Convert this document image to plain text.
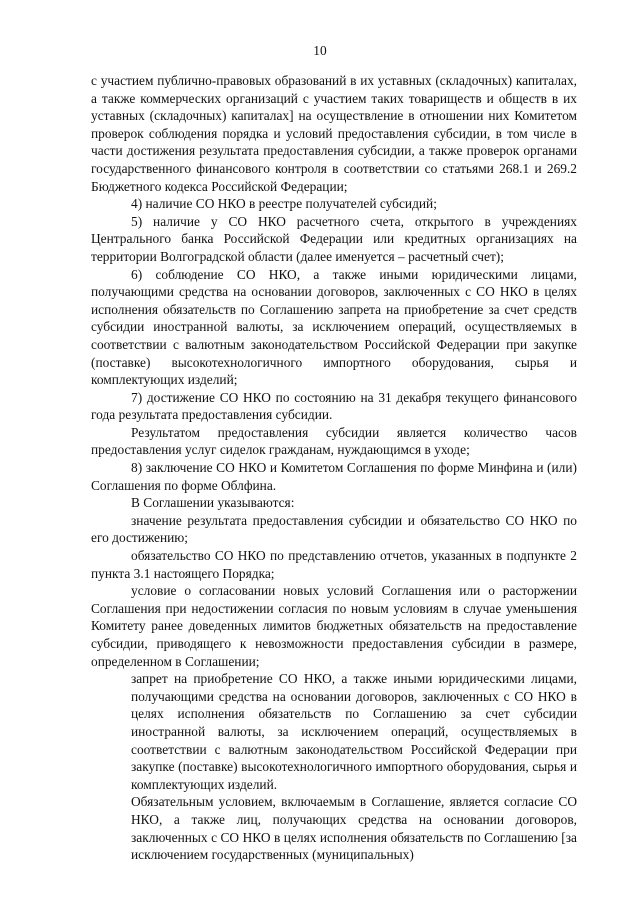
10

с участием публично-правовых образований в их уставных (складочных) капиталах, а также коммерческих организаций с участием таких товариществ и обществ в их уставных (складочных) капиталах] на осуществление в отношении них Комитетом проверок соблюдения порядка и условий предоставления субсидии, в том числе в части достижения результата предоставления субсидии, а также проверок органами государственного финансового контроля в соответствии со статьями 268.1 и 269.2 Бюджетного кодекса Российской Федерации;

4) наличие СО НКО в реестре получателей субсидий;

5) наличие у СО НКО расчетного счета, открытого в учреждениях Центрального банка Российской Федерации или кредитных организациях на территории Волгоградской области (далее именуется – расчетный счет);

6) соблюдение СО НКО, а также иными юридическими лицами, получающими средства на основании договоров, заключенных с СО НКО в целях исполнения обязательств по Соглашению запрета на приобретение за счет средств субсидии иностранной валюты, за исключением операций, осуществляемых в соответствии с валютным законодательством Российской Федерации при закупке (поставке) высокотехнологичного импортного оборудования, сырья и комплектующих изделий;

7) достижение СО НКО по состоянию на 31 декабря текущего финансового года результата предоставления субсидии.

Результатом предоставления субсидии является количество часов предоставления услуг сиделок гражданам, нуждающимся в уходе;

8) заключение СО НКО и Комитетом Соглашения по форме Минфина и (или) Соглашения по форме Облфина.

В Соглашении указываются:

значение результата предоставления субсидии и обязательство СО НКО по его достижению;

обязательство СО НКО по представлению отчетов, указанных в подпункте 2 пункта 3.1 настоящего Порядка;

условие о согласовании новых условий Соглашения или о расторжении Соглашения при недостижении согласия по новым условиям в случае уменьшения Комитету ранее доведенных лимитов бюджетных обязательств на предоставление субсидии, приводящего к невозможности предоставления субсидии в размере, определенном в Соглашении;

запрет на приобретение СО НКО, а также иными юридическими лицами, получающими средства на основании договоров, заключенных с СО НКО в целях исполнения обязательств по Соглашению за счет субсидии иностранной валюты, за исключением операций, осуществляемых в соответствии с валютным законодательством Российской Федерации при закупке (поставке) высокотехнологичного импортного оборудования, сырья и комплектующих изделий.

Обязательным условием, включаемым в Соглашение, является согласие СО НКО, а также лиц, получающих средства на основании договоров, заключенных с СО НКО в целях исполнения обязательств по Соглашению [за исключением государственных (муниципальных)
